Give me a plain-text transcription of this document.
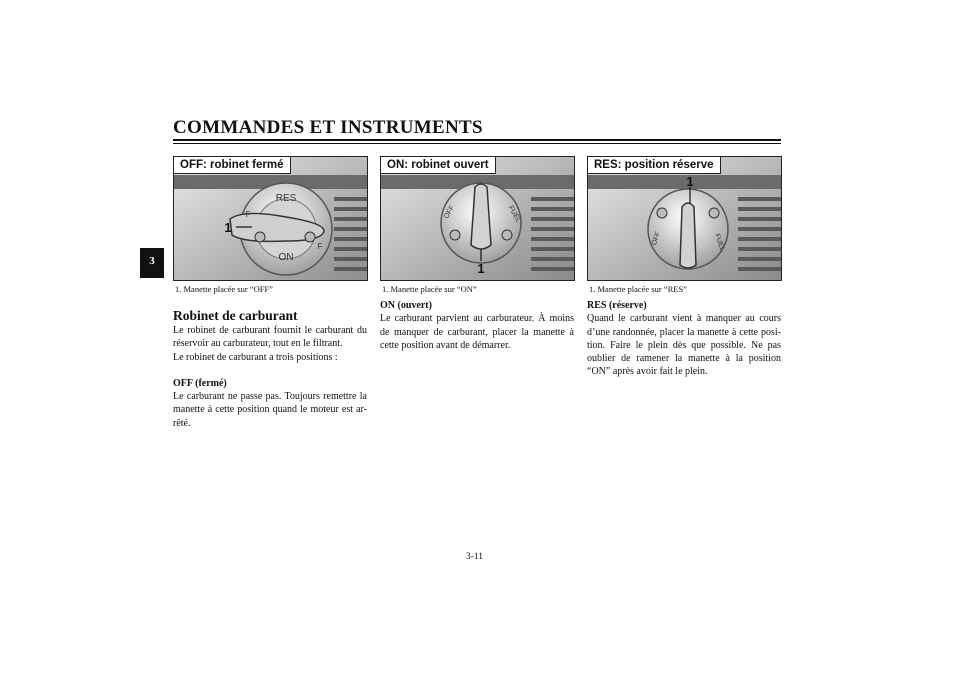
COMMANDES ET INSTRUMENTS
3
RES
ON
F
F
1
OFF: robinet fermé
OFF	FUEL
1
ON: robinet ouvert
OFF	FUEL
1
RES: position réserve
1. Manette placée sur “OFF”	1. Manette placée sur “ON”	1. Manette placée sur “RES”

Robinet de carburant

Le robinet de carburant fournit le carburant du réservoir au carburateur, tout en le filtrant.

Le robinet de carburant a trois positions :

OFF (fermé)

Le carburant ne passe pas. Toujours remettre la manette à cette position quand le moteur est ar-rêté.

ON (ouvert)

Le carburant parvient au carburateur. À moins de manquer de carburant, placer la manette à cette position avant de démarrer.

RES (réserve)

Quand le carburant vient à manquer au cours d’une randonnée, placer la manette à cette posi-tion. Faire le plein dès que possible. Ne pas oublier de ramener la manette à la position “ON” après avoir fait le plein.

3-11
